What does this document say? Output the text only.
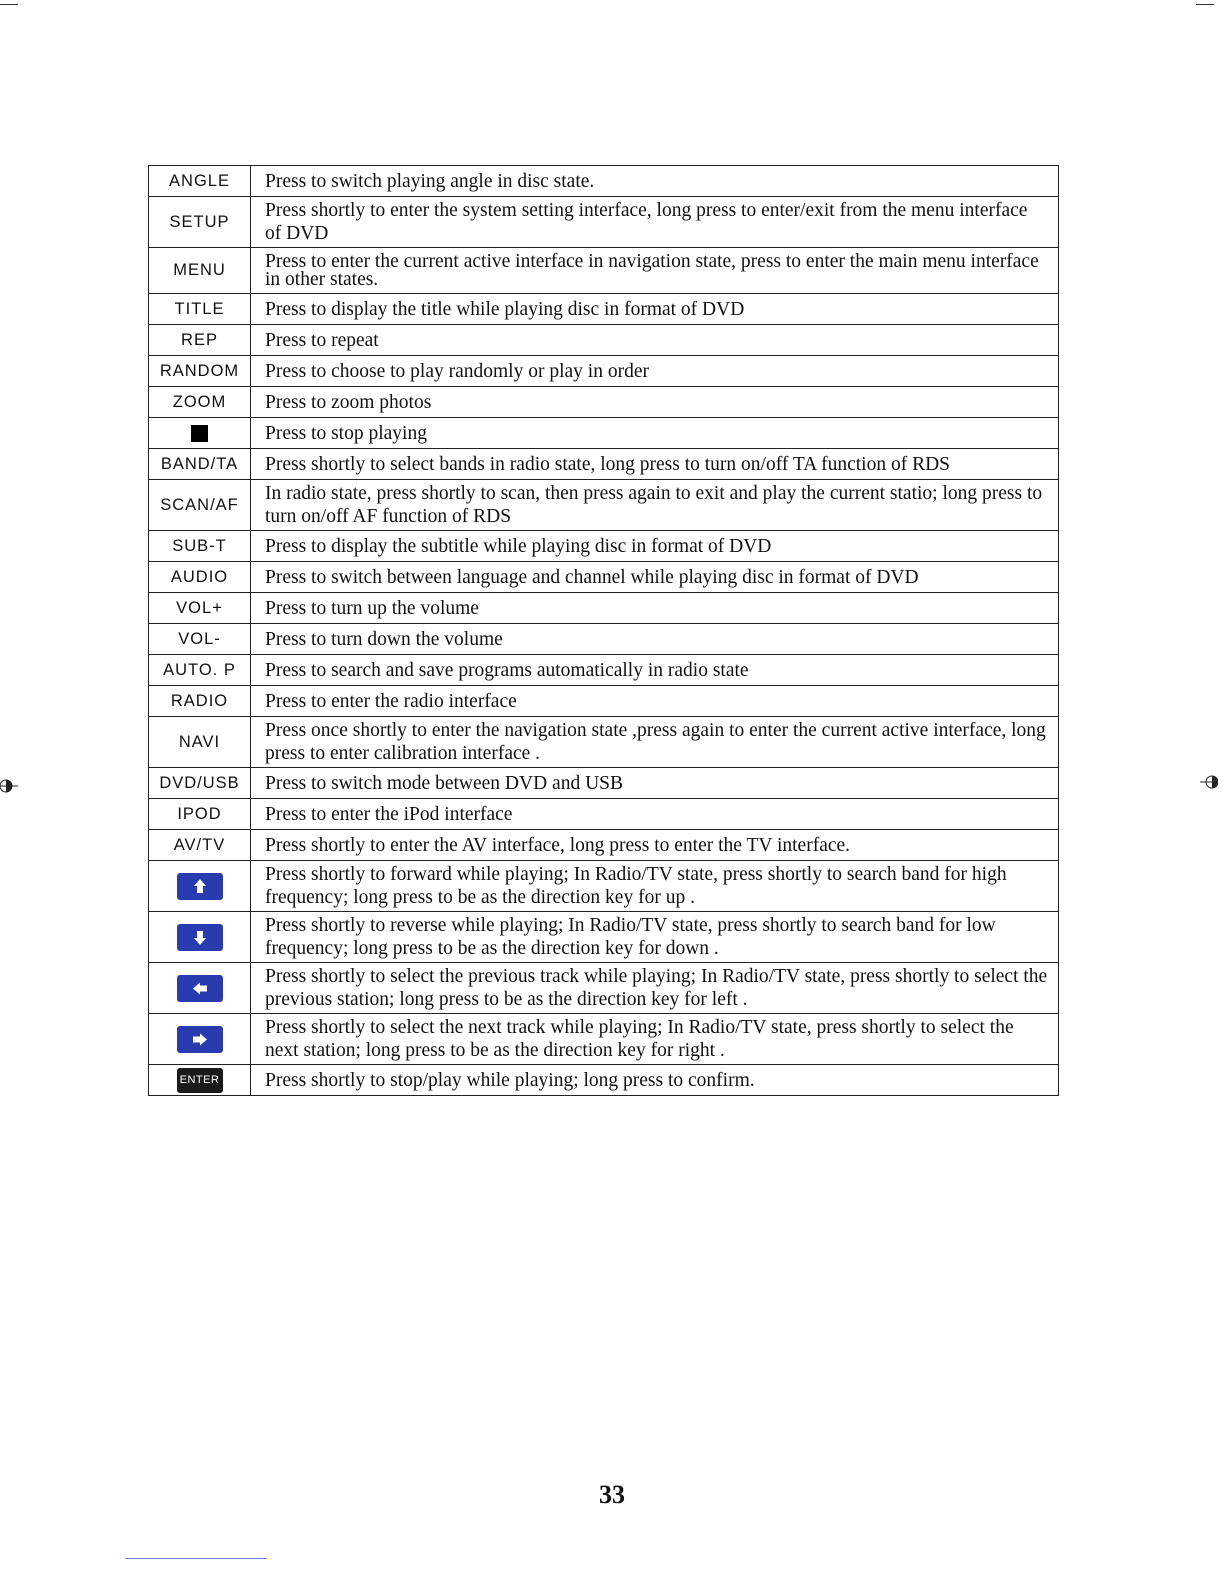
ANGLE	Press to switch playing angle in disc state.
SETUP	Press shortly to enter the system setting interface, long press to enter/exit from the menu interface of DVD
MENU	Press to enter the current active interface in navigation state, press to enter the main menu interface in other states.
TITLE	Press to display the title while playing disc in format of DVD
REP	Press to repeat
RANDOM	Press to choose to play randomly or play in order
ZOOM	Press to zoom photos
	Press to stop playing
BAND/TA	Press shortly to select bands in radio state, long press to turn on/off TA function of RDS
SCAN/AF	In radio state, press shortly to scan, then press again to exit and play the current statio; long press to turn on/off AF function of RDS
SUB-T	Press to display the subtitle while playing disc in format of DVD
AUDIO	Press to switch between language and channel while playing disc in format of DVD
VOL+	Press to turn up the volume
VOL-	Press to turn down the volume
AUTO. P	Press to search and save programs automatically in radio state
RADIO	Press to enter the radio interface
NAVI	Press once shortly to enter the navigation state ,press again to enter the current active interface, long press to enter calibration interface .
DVD/USB	Press to switch mode between DVD and USB
IPOD	Press to enter the iPod interface
AV/TV	Press shortly to enter the AV interface, long press to enter the TV interface.

	Press shortly to forward while playing; In Radio/TV state, press shortly to search band for high frequency; long press to be as the direction key for up .

	Press shortly to reverse while playing; In Radio/TV state, press shortly to search band for low frequency; long press to be as the direction key for down .

	Press shortly to select the previous track while playing; In Radio/TV state, press shortly to select the previous station; long press to be as the direction key for left .

	Press shortly to select the next track while playing; In Radio/TV state, press shortly to select the next station; long press to be as the direction key for right .
ENTER	Press shortly to stop/play while playing; long press to confirm.
33
